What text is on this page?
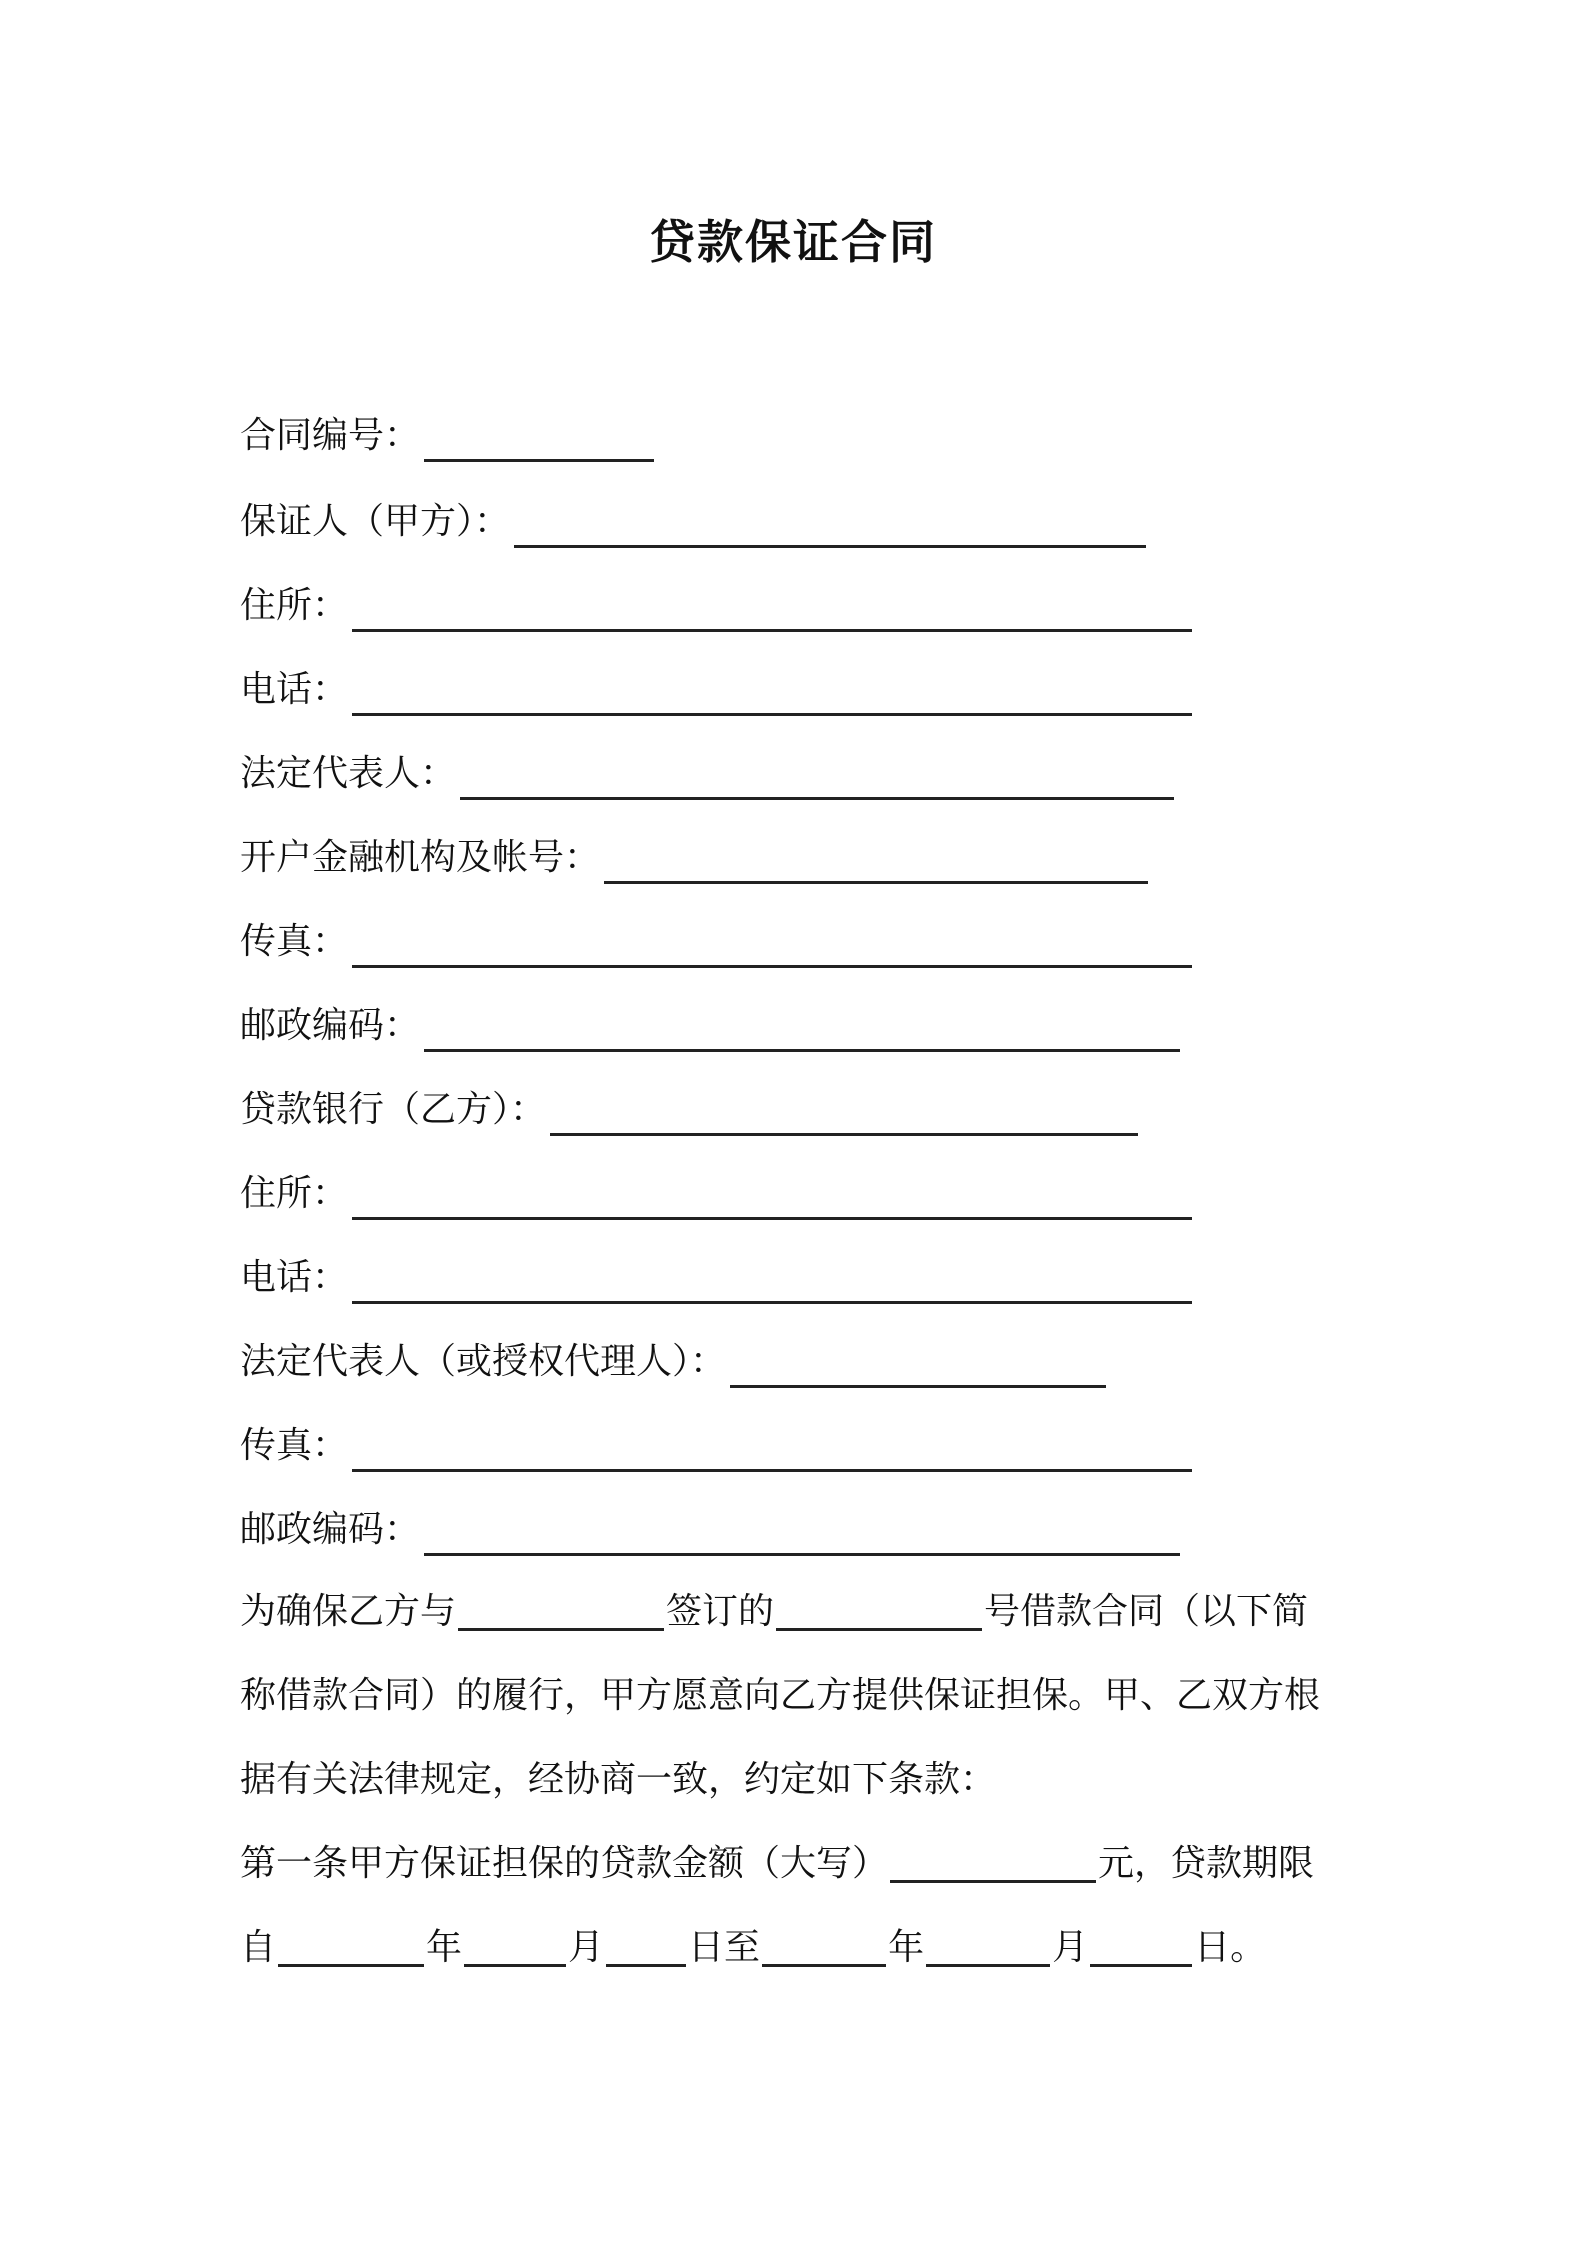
贷款保证合同
合同编号：
保证人（甲方）：
住所：
电话：
法定代表人：
开户金融机构及帐号：
传真：
邮政编码：
贷款银行（乙方）：
住所：
电话：
法定代表人（或授权代理人）：
传真：
邮政编码：
为确保乙方与	签订的	号借款合同（以下简
称借款合同）的履行，甲方愿意向乙方提供保证担保。甲、乙双方根
据有关法律规定，经协商一致，约定如下条款：
第一条甲方保证担保的贷款金额（大写）	元，贷款期限
自	年	月 日至	年	月	日。
